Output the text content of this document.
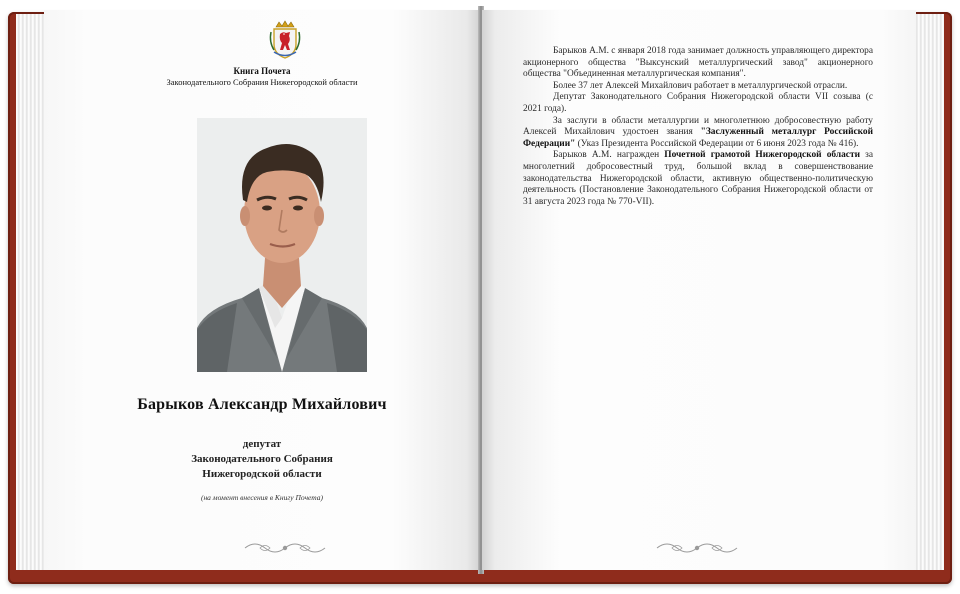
Книга Почета
Законодательного Собрания Нижегородской области
Барыков Александр Михайлович
депутат
Законодательного Собрания
Нижегородской области
(на момент внесения в Книгу Почета)

Барыков А.М. с января 2018 года занимает должность управляющего директора акционерного общества "Выксунский металлургический завод" акционерного общества "Объединенная металлургическая компания".

Более 37 лет Алексей Михайлович работает в металлургической отрасли.

Депутат Законодательного Собрания Нижегородской области VII созыва (с 2021 года).

За заслуги в области металлургии и многолетнюю добросовестную работу Алексей Михайлович удостоен звания "Заслуженный металлург Российской Федерации" (Указ Президента Российской Федерации от 6 июня 2023 года № 416).

Барыков А.М. награжден Почетной грамотой Нижегородской области за многолетний добросовестный труд, большой вклад в совершенствование законодательства Нижегородской области, активную общественно-политическую деятельность (Постановление Законодательного Собрания Нижегородской области от 31 августа 2023 года № 770-VII).
